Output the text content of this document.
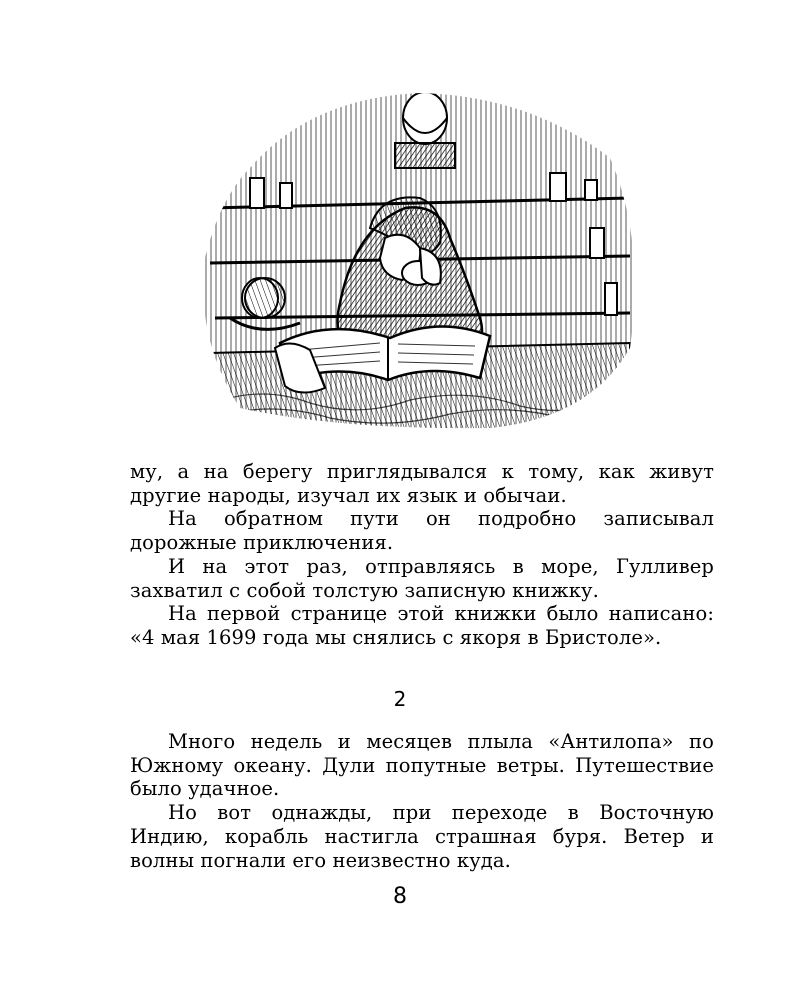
му, а на берегу приглядывался к тому, как живут другие народы, изучал их язык и обычаи.

На обратном пути он подробно записывал дорожные приключения.

И на этот раз, отправляясь в море, Гулливер захватил с собой толстую записную книжку.

На первой странице этой книжки было написано: «4 мая 1699 года мы снялись с якоря в Бристоле».

2

Много недель и месяцев плыла «Антилопа» по Южному океану. Дули попутные ветры. Путешествие было удачное.

Но вот однажды, при переходе в Восточную Индию, корабль настигла страшная буря. Ветер и волны погнали его неизвестно куда.

8
